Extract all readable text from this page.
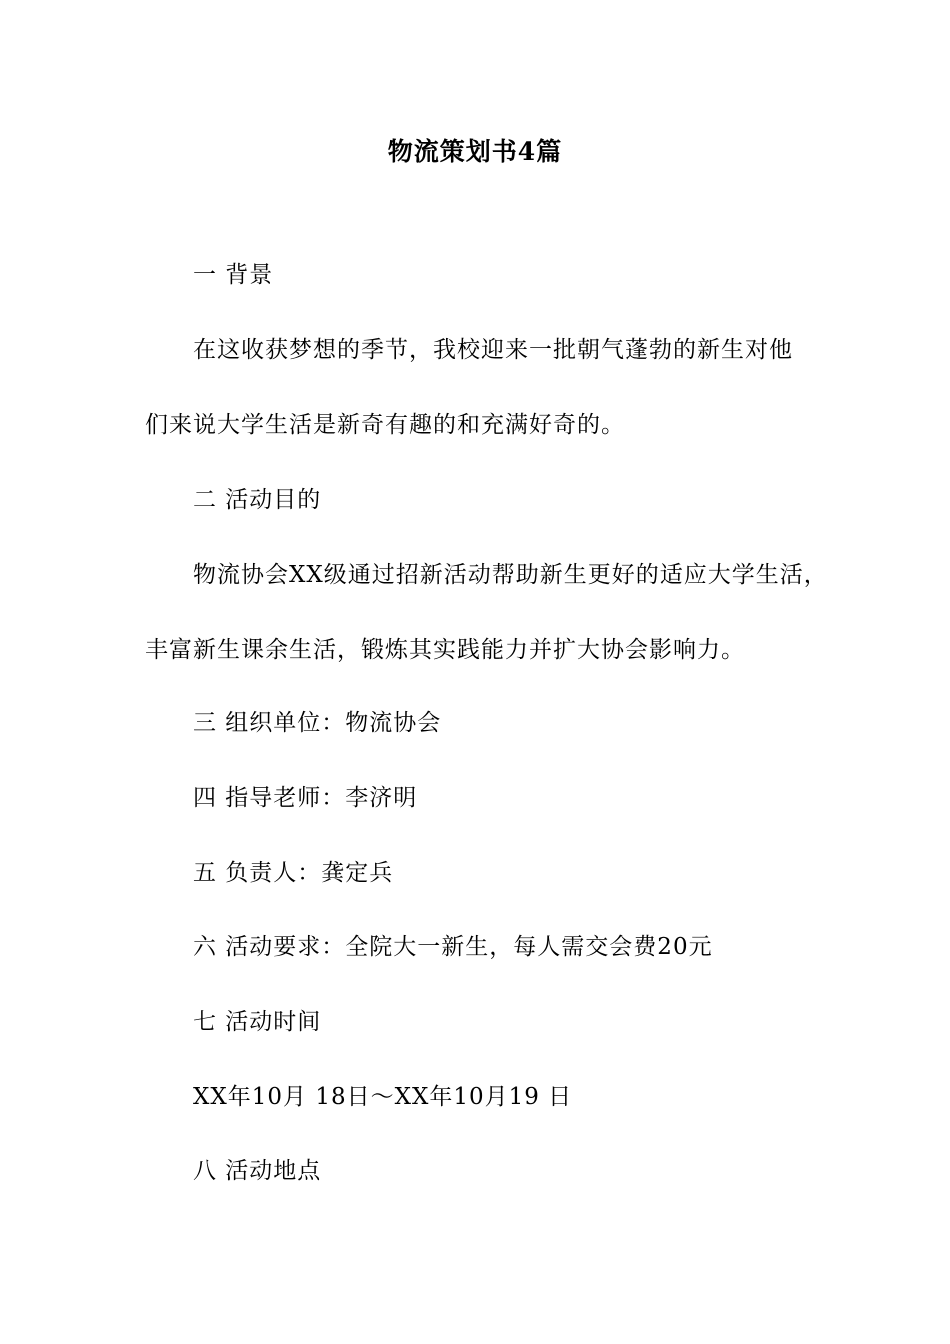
物流策划书4篇
一 背景
在这收获梦想的季节，我校迎来一批朝气蓬勃的新生对他
们来说大学生活是新奇有趣的和充满好奇的。
二 活动目的
物流协会XX级通过招新活动帮助新生更好的适应大学生活，
丰富新生课余生活，锻炼其实践能力并扩大协会影响力。
三 组织单位：物流协会
四 指导老师：李济明
五 负责人：龚定兵
六 活动要求：全院大一新生，每人需交会费20元
七 活动时间
XX年10月 18日～XX年10月19 日
八 活动地点
